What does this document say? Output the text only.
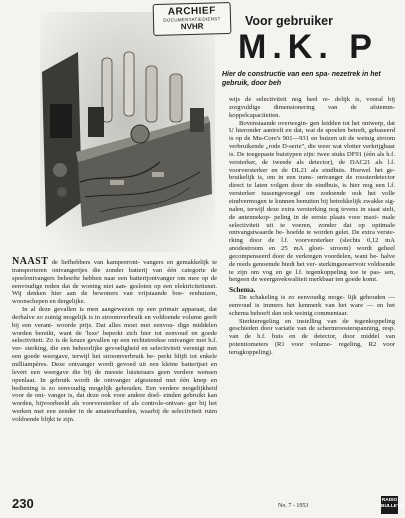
ARCHIEF
DOCUMENTATIEDIENST
NVHR	Voor gebruiker
M.K. P

Hier de constructie van een spa- nezetrek in het gebruik, door beh

wijs de selectiviteit nog heel re- delijk is, vooral bij zorgvuldige dimensionering van de afstemm- koppelcapaciteiten.

Bovenstaande overwegin- gen leidden tot het ontwerp, dat U hieronder aantreft en dat, wat de spoelen betreft, gebaseerd is op de Mu-Core's 901—931 en buizen uit de weinig stroom verbruikende „rode D-serie", die weer wat vlotter verkrijgbaar is. De toegepaste buistypen zijn: twee stuks DF91 (één als h.f. versterker, de tweede als detector), de DAC21 als l.f. voorversterker en de DL21 als eindbuis. Hoewel het ge- bruikelijk is, om in een trans- ontvanger de roosterdetector direct te laten volgen door de eindbuis, is hier nog een l.f. versterker tussengevoegd om zodoende ook het volle eindvermogen te kunnen benutten bij betrekkelijk zwakke sig- nalen, terwijl deze extra versterking nog tevens in staat stelt, de antennekop- peling in de eerste plaats voor maxi- male selectiviteit uit te voeren, zonder dat op optimale ontvangstwaarde be- hoefde te worden gelet. De extra verste- rking door de l.f. voorversterker (slechts 0,12 mA anodestroom en 25 mA gloei- stroom) wordt geheel gecompenseerd door de verkregen voordelen, want be- halve de reeds genoemde biedt het ver- sterkingsreservoir voldoende te zijn om vog en ge l.f. tegenkoppeling toe te pas- sen, hetgeen de weergavekwaliteit merkbaar ten goede komt.

Schema.

De schakeling is zo eenvoudig moge- lijk gehouden — eenvoud is immers het kenmerk van het ware — en het schema behoeft dan ook weinig commentaar.

Sterkteregeling en instelling van de tegenkoppeling geschieden door variatie van de schermroosterspanning, resp. van de h.f. buis en de detector, door middel van potentiometers (R1 voor volume- regeling, R2 voor terugkoppeling).

NAAST de liefhebbers van kampeeront- vangers en gemakkelijk te transporteren ontvangertjes die zonder batterij van één categorie de spoelontvangers behoefte hebben naar een batterijontvanger om mee op de eenvoudige reden dat de woning niet aan- gesloten op een elektriciteitsnet. Wij denken hier aan de bewoners van vrijstaande boe- renhuizen, woonschepen en dergelijke.

In al deze gevallen is men aangewezen op een primair apparaat, dat derhalve zo zuinig mogelijk is in stroomverbruik en voldoende volume geeft bij een verant- woorde prijs. Dat alles moet met eenvou- dige middelen worden bereikt, want de 'luxe' beperkt zich hier tot eenvoud en goede selectiviteit. Zo is de keuze gevallen op een rechtstreekse ontvanger met h.f. ver- sterking, die een behoorlijke gevoeligheid en selectiviteit verenigt met een goede weergave, terwijl het stroomverbruik be- perkt blijft tot enkele milliampères. Deze ontvanger wordt gevoed uit een kleine batterijset en levert een weergave die bij de meeste luisteraars geen verdere wensen openlaat. In gebruik wordt de ontvanger afgestemd met één knop en bediening is zo eenvoudig mogelijk gehouden. Een verdere mogelijkheid voor de ont- vanger is, dat deze ook voor andere doel- einden gebruikt kan worden, bijvoorbeeld als voorversterker of als controle-ontvan- ger bij het werken met een zender in de amateurbanden, waarbij de selectiviteit ruim voldoende blijkt te zijn.

230	No. 7 - 1953
RADIO BULLETIN
